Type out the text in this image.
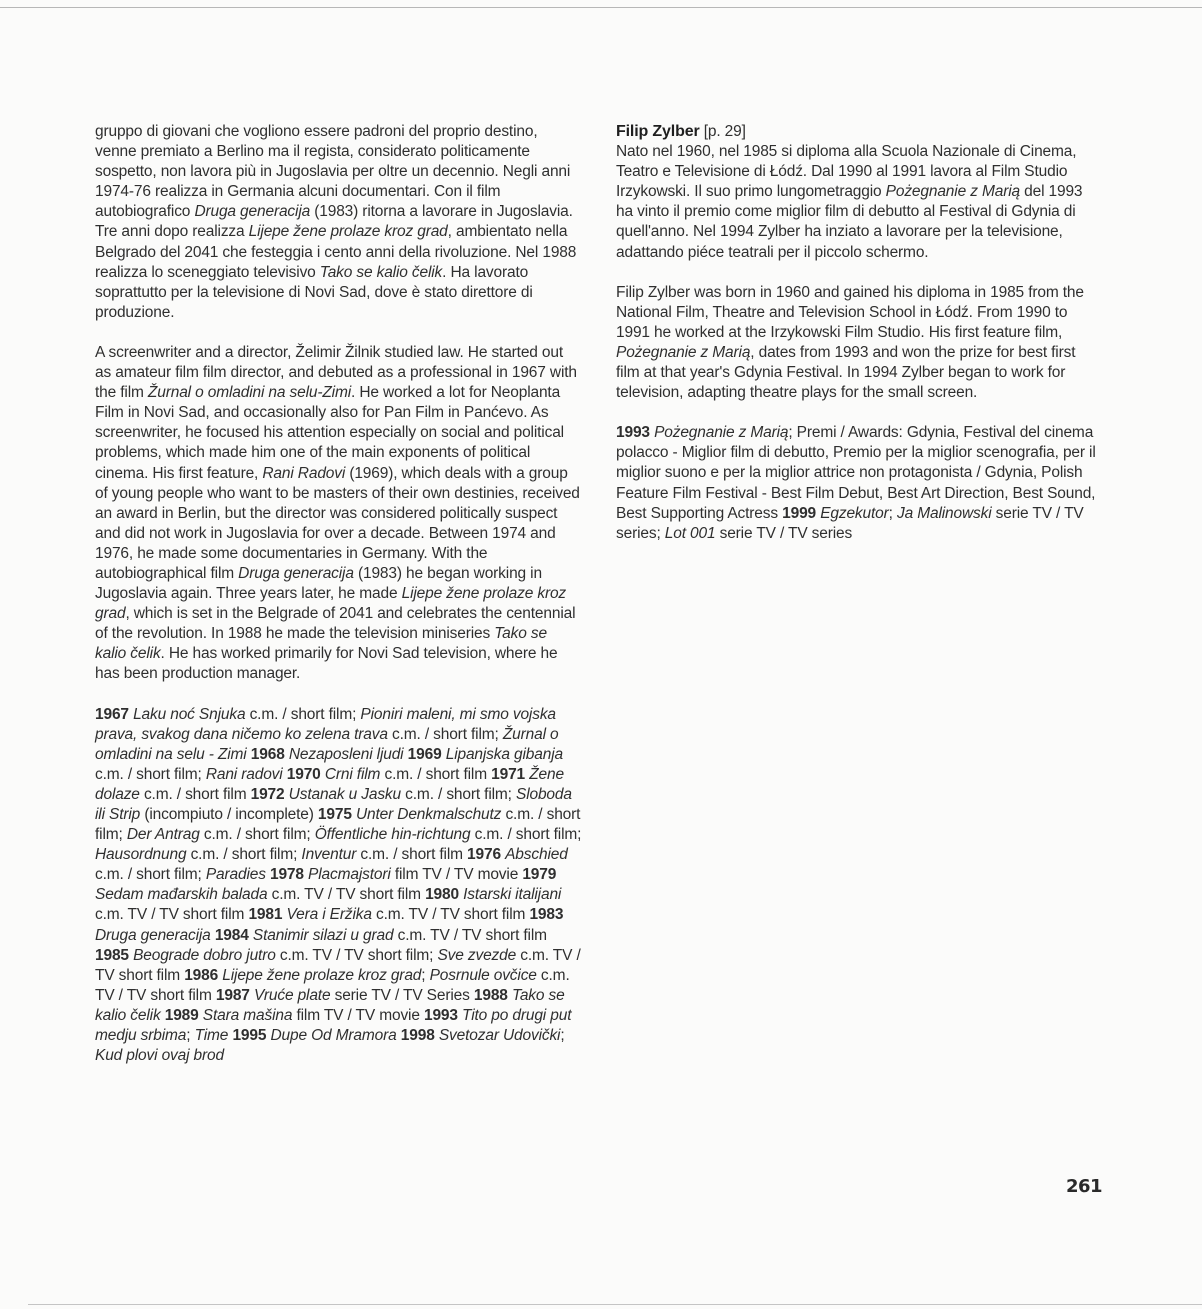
gruppo di giovani che vogliono essere padroni del proprio destino, venne premiato a Berlino ma il regista, considerato politicamente sospetto, non lavora più in Jugoslavia per oltre un decennio. Negli anni 1974-76 realizza in Germania alcuni documentari. Con il film autobiografico Druga generacija (1983) ritorna a lavorare in Jugoslavia. Tre anni dopo realizza Lijepe žene prolaze kroz grad, ambientato nella Belgrado del 2041 che festeggia i cento anni della rivoluzione. Nel 1988 realizza lo sceneggiato televisivo Tako se kalio čelik. Ha lavorato soprattutto per la televisione di Novi Sad, dove è stato direttore di produzione.

A screenwriter and a director, Želimir Žilnik studied law. He started out as amateur film film director, and debuted as a professional in 1967 with the film Žurnal o omladini na selu-Zimi. He worked a lot for Neoplanta Film in Novi Sad, and occasionally also for Pan Film in Panćevo. As screenwriter, he focused his attention especially on social and political problems, which made him one of the main exponents of political cinema. His first feature, Rani Radovi (1969), which deals with a group of young people who want to be masters of their own destinies, received an award in Berlin, but the director was considered politically suspect and did not work in Jugoslavia for over a decade. Between 1974 and 1976, he made some documentaries in Germany. With the autobiographical film Druga generacija (1983) he began working in Jugoslavia again. Three years later, he made Lijepe žene prolaze kroz grad, which is set in the Belgrade of 2041 and celebrates the centennial of the revolution. In 1988 he made the television miniseries Tako se kalio čelik. He has worked primarily for Novi Sad television, where he has been production manager.

1967 Laku noć Snjuka c.m. / short film; Pioniri maleni, mi smo vojska prava, svakog dana ničemo ko zelena trava c.m. / short film; Žurnal o omladini na selu - Zimi 1968 Nezaposleni ljudi 1969 Lipanjska gibanja c.m. / short film; Rani radovi 1970 Crni film c.m. / short film 1971 Žene dolaze c.m. / short film 1972 Ustanak u Jasku c.m. / short film; Sloboda ili Strip (incompiuto / incomplete) 1975 Unter Denkmalschutz c.m. / short film; Der Antrag c.m. / short film; Öffentliche hin-richtung c.m. / short film; Hausordnung c.m. / short film; Inventur c.m. / short film 1976 Abschied c.m. / short film; Paradies 1978 Placmajstori film TV / TV movie 1979 Sedam mađarskih balada c.m. TV / TV short film 1980 Istarski italijani c.m. TV / TV short film 1981 Vera i Eržika c.m. TV / TV short film 1983 Druga generacija 1984 Stanimir silazi u grad c.m. TV / TV short film 1985 Beograde dobro jutro c.m. TV / TV short film; Sve zvezde c.m. TV / TV short film 1986 Lijepe žene prolaze kroz grad; Posrnule ovčice c.m. TV / TV short film 1987 Vruće plate serie TV / TV Series 1988 Tako se kalio čelik 1989 Stara mašina film TV / TV movie 1993 Tito po drugi put medju srbima; Time 1995 Dupe Od Mramora 1998 Svetozar Udovički; Kud plovi ovaj brod

Filip Zylber [p. 29]

Nato nel 1960, nel 1985 si diploma alla Scuola Nazionale di Cinema, Teatro e Televisione di Łódź. Dal 1990 al 1991 lavora al Film Studio Irzykowski. Il suo primo lungometraggio Pożegnanie z Marią del 1993 ha vinto il premio come miglior film di debutto al Festival di Gdynia di quell'anno. Nel 1994 Zylber ha inziato a lavorare per la televisione, adattando piéce teatrali per il piccolo schermo.

Filip Zylber was born in 1960 and gained his diploma in 1985 from the National Film, Theatre and Television School in Łódź. From 1990 to 1991 he worked at the Irzykowski Film Studio. His first feature film, Pożegnanie z Marią, dates from 1993 and won the prize for best first film at that year's Gdynia Festival. In 1994 Zylber began to work for television, adapting theatre plays for the small screen.

1993 Pożegnanie z Marią; Premi / Awards: Gdynia, Festival del cinema polacco - Miglior film di debutto, Premio per la miglior scenografia, per il miglior suono e per la miglior attrice non protagonista / Gdynia, Polish Feature Film Festival - Best Film Debut, Best Art Direction, Best Sound, Best Supporting Actress 1999 Egzekutor; Ja Malinowski serie TV / TV series; Lot 001 serie TV / TV series

261
